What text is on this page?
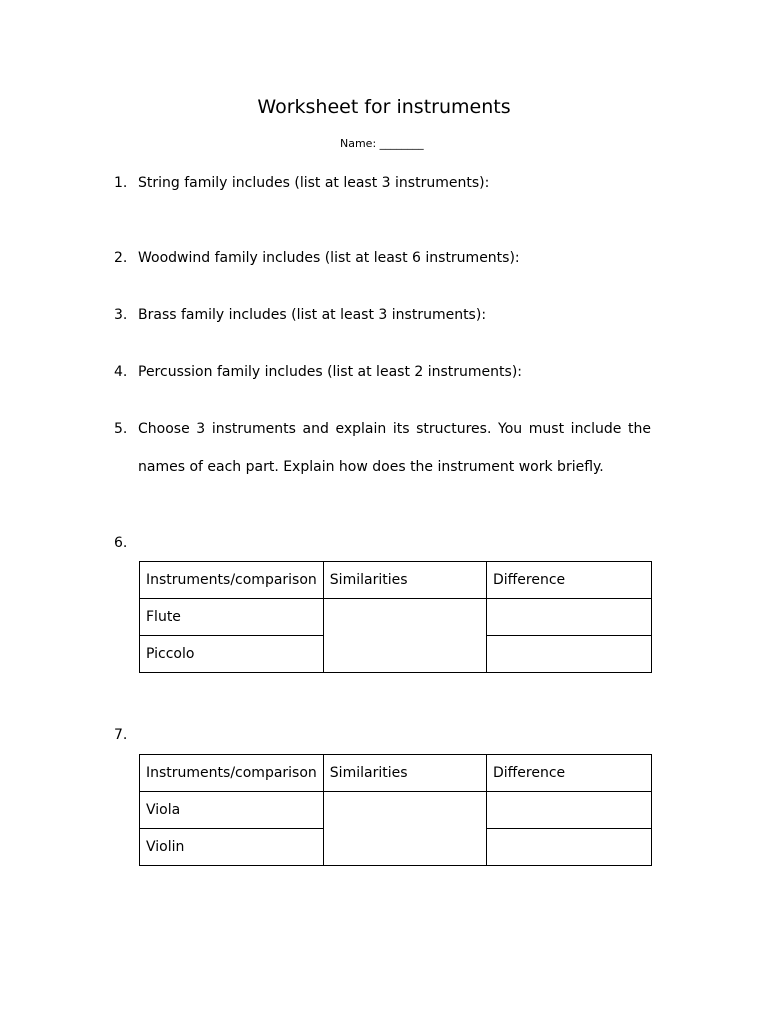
Worksheet for instruments
Name: ________
1. String family includes (list at least 3 instruments):
2. Woodwind family includes (list at least 6 instruments):
3. Brass family includes (list at least 3 instruments):
4. Percussion family includes (list at least 2 instruments):
5. Choose 3 instruments and explain its structures. You must include the
names of each part. Explain how does the instrument work briefly.
6.
Instruments/comparison	Similarities	Difference
Flute		
Piccolo		
7.
Instruments/comparison	Similarities	Difference
Viola		
Violin		
